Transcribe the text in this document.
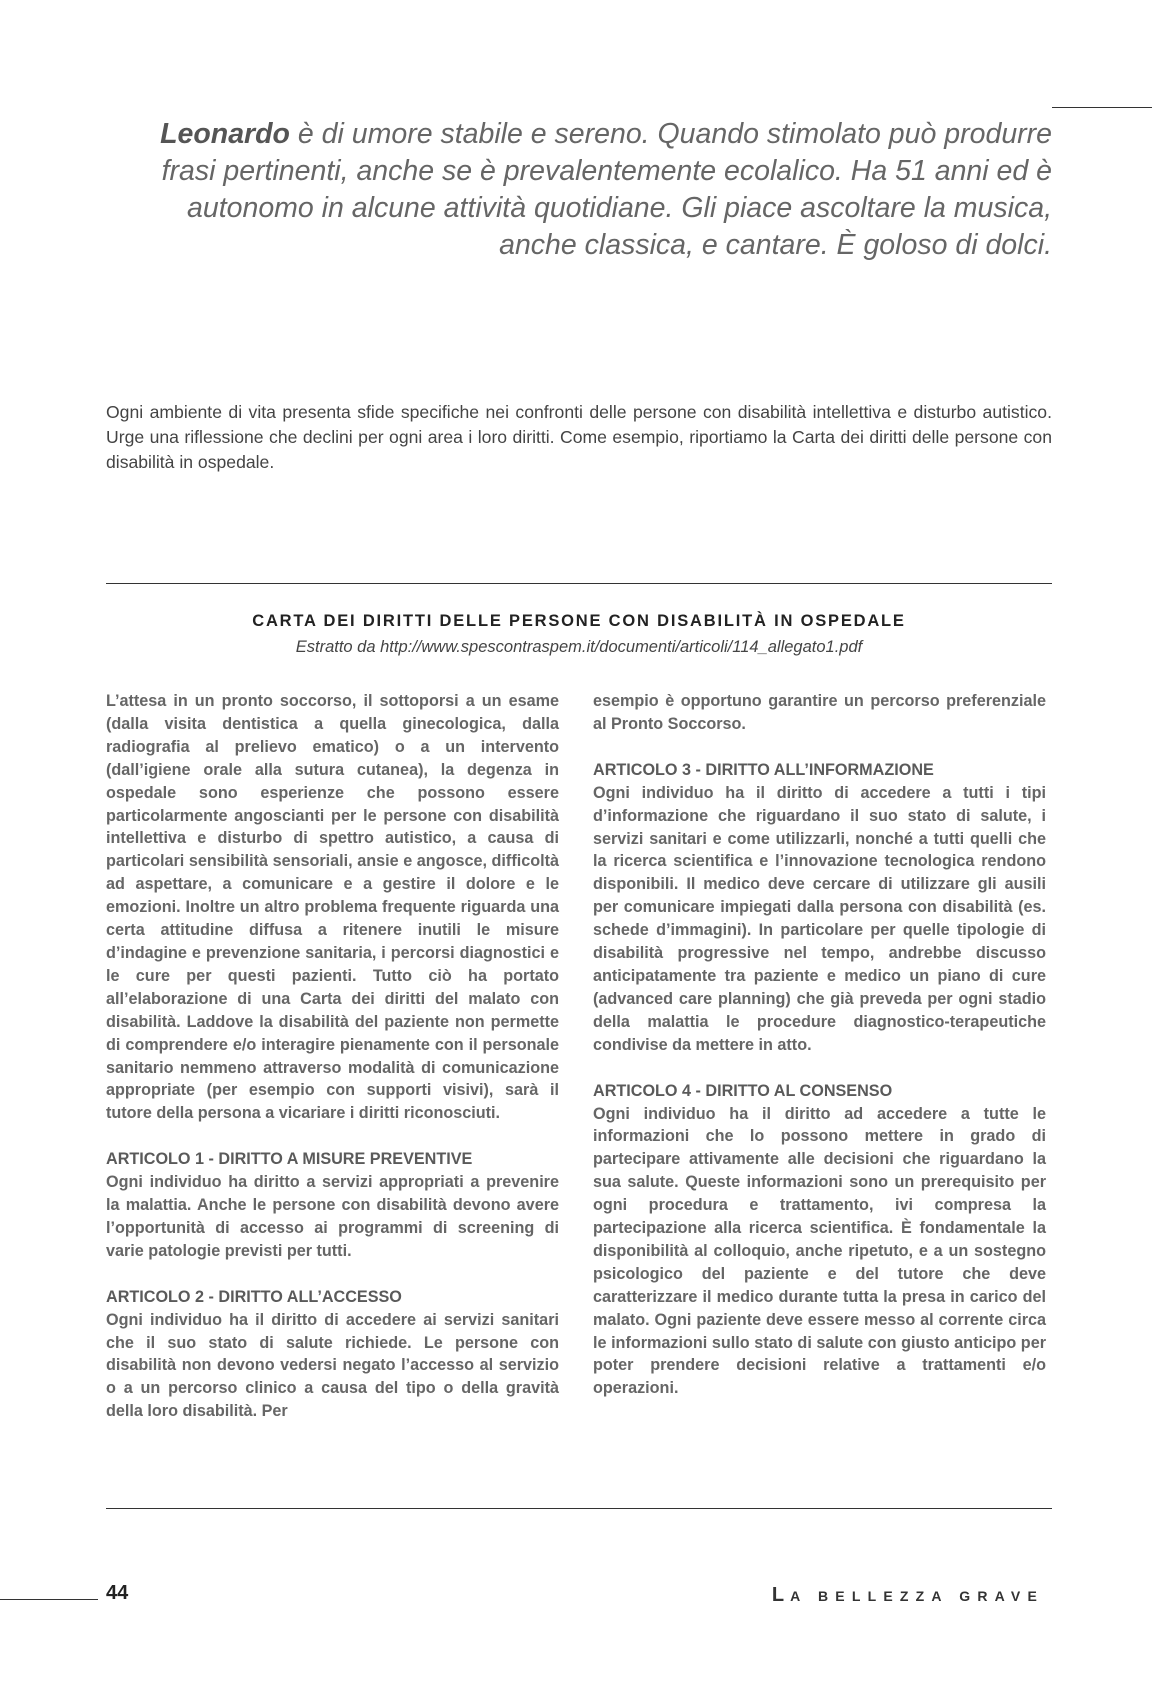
Leonardo è di umore stabile e sereno. Quando stimolato può produrre frasi pertinenti, anche se è prevalentemente ecolalico. Ha 51 anni ed è autonomo in alcune attività quotidiane. Gli piace ascoltare la musica, anche classica, e cantare. È goloso di dolci.
Ogni ambiente di vita presenta sfide specifiche nei confronti delle persone con disabilità intellettiva e disturbo autistico. Urge una riflessione che declini per ogni area i loro diritti. Come esempio, riportiamo la Carta dei diritti delle persone con disabilità in ospedale.
CARTA DEI DIRITTI DELLE PERSONE CON DISABILITÀ IN OSPEDALE
Estratto da http://www.spescontraspem.it/documenti/articoli/114_allegato1.pdf

L’attesa in un pronto soccorso, il sottoporsi a un esame (dalla visita dentistica a quella ginecologica, dalla radiografia al prelievo ematico) o a un intervento (dall’igiene orale alla sutura cutanea), la degenza in ospedale sono esperienze che possono essere particolarmente angoscianti per le persone con disabilità intellettiva e disturbo di spettro autistico, a causa di particolari sensibilità sensoriali, ansie e angosce, difficoltà ad aspettare, a comunicare e a gestire il dolore e le emozioni. Inoltre un altro problema frequente riguarda una certa attitudine diffusa a ritenere inutili le misure d’indagine e prevenzione sanitaria, i percorsi diagnostici e le cure per questi pazienti. Tutto ciò ha portato all’elaborazione di una Carta dei diritti del malato con disabilità. Laddove la disabilità del paziente non permette di comprendere e/o interagire pienamente con il personale sanitario nemmeno attraverso modalità di comunicazione appropriate (per esempio con supporti visivi), sarà il tutore della persona a vicariare i diritti riconosciuti.

ARTICOLO 1 - DIRITTO A MISURE PREVENTIVE

Ogni individuo ha diritto a servizi appropriati a prevenire la malattia. Anche le persone con disabilità devono avere l’opportunità di accesso ai programmi di screening di varie patologie previsti per tutti.

ARTICOLO 2 - DIRITTO ALL’ACCESSO

Ogni individuo ha il diritto di accedere ai servizi sanitari che il suo stato di salute richiede. Le persone con disabilità non devono vedersi negato l’accesso al servizio o a un percorso clinico a causa del tipo o della gravità della loro disabilità. Per

esempio è opportuno garantire un percorso preferenziale al Pronto Soccorso.

ARTICOLO 3 - DIRITTO ALL’INFORMAZIONE

Ogni individuo ha il diritto di accedere a tutti i tipi d’informazione che riguardano il suo stato di salute, i servizi sanitari e come utilizzarli, nonché a tutti quelli che la ricerca scientifica e l’innovazione tecnologica rendono disponibili. Il medico deve cercare di utilizzare gli ausili per comunicare impiegati dalla persona con disabilità (es. schede d’immagini). In particolare per quelle tipologie di disabilità progressive nel tempo, andrebbe discusso anticipatamente tra paziente e medico un piano di cure (advanced care planning) che già preveda per ogni stadio della malattia le procedure diagnostico-terapeutiche condivise da mettere in atto.

ARTICOLO 4 - DIRITTO AL CONSENSO

Ogni individuo ha il diritto ad accedere a tutte le informazioni che lo possono mettere in grado di partecipare attivamente alle decisioni che riguardano la sua salute. Queste informazioni sono un prerequisito per ogni procedura e trattamento, ivi compresa la partecipazione alla ricerca scientifica. È fondamentale la disponibilità al colloquio, anche ripetuto, e a un sostegno psicologico del paziente e del tutore che deve caratterizzare il medico durante tutta la presa in carico del malato. Ogni paziente deve essere messo al corrente circa le informazioni sullo stato di salute con giusto anticipo per poter prendere decisioni relative a trattamenti e/o operazioni.

44	LA BELLEZZA GRAVE
